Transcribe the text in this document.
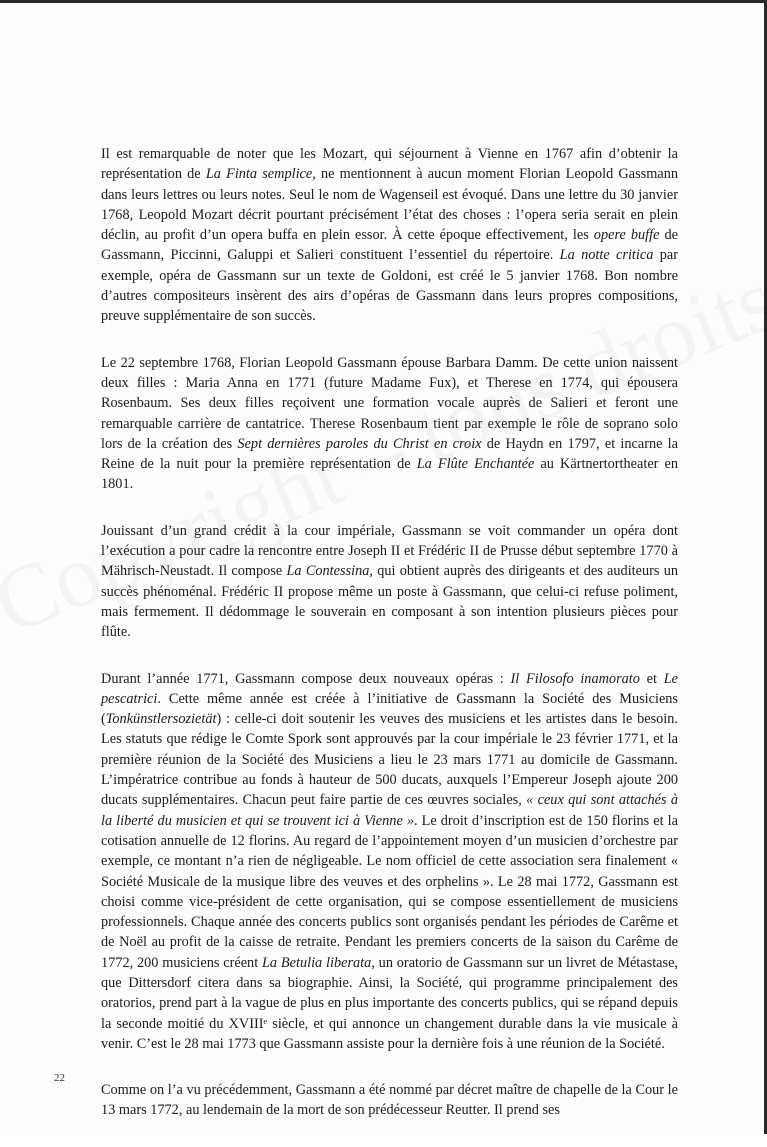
Il est remarquable de noter que les Mozart, qui séjournent à Vienne en 1767 afin d’obtenir la représentation de La Finta semplice, ne mentionnent à aucun moment Florian Leopold Gassmann dans leurs lettres ou leurs notes. Seul le nom de Wagenseil est évoqué. Dans une lettre du 30 janvier 1768, Leopold Mozart décrit pourtant précisément l’état des choses : l’opera seria serait en plein déclin, au profit d’un opera buffa en plein essor. À cette époque effectivement, les opere buffe de Gassmann, Piccinni, Galuppi et Salieri constituent l’essentiel du répertoire. La notte critica par exemple, opéra de Gassmann sur un texte de Goldoni, est créé le 5 janvier 1768. Bon nombre d’autres compositeurs insèrent des airs d’opéras de Gassmann dans leurs propres compositions, preuve supplémentaire de son succès.

Le 22 septembre 1768, Florian Leopold Gassmann épouse Barbara Damm. De cette union naissent deux filles : Maria Anna en 1771 (future Madame Fux), et Therese en 1774, qui épousera Rosenbaum. Ses deux filles reçoivent une formation vocale auprès de Salieri et feront une remarquable carrière de cantatrice. Therese Rosenbaum tient par exemple le rôle de soprano solo lors de la création des Sept dernières paroles du Christ en croix de Haydn en 1797, et incarne la Reine de la nuit pour la première représentation de La Flûte Enchantée au Kärtnertortheater en 1801.

Jouissant d’un grand crédit à la cour impériale, Gassmann se voit commander un opéra dont l’exécution a pour cadre la rencontre entre Joseph II et Frédéric II de Prusse début septembre 1770 à Mährisch-Neustadt. Il compose La Contessina, qui obtient auprès des dirigeants et des auditeurs un succès phénoménal. Frédéric II propose même un poste à Gassmann, que celui-ci refuse poliment, mais fermement. Il dédommage le souverain en composant à son intention plusieurs pièces pour flûte.

Durant l’année 1771, Gassmann compose deux nouveaux opéras : Il Filosofo inamorato et Le pescatrici. Cette même année est créée à l’initiative de Gassmann la Société des Musiciens (Tonkünstlersozietät) : celle-ci doit soutenir les veuves des musiciens et les artistes dans le besoin. Les statuts que rédige le Comte Spork sont approuvés par la cour impériale le 23 février 1771, et la première réunion de la Société des Musiciens a lieu le 23 mars 1771 au domicile de Gassmann. L’impératrice contribue au fonds à hauteur de 500 ducats, auxquels l’Empereur Joseph ajoute 200 ducats supplémentaires. Chacun peut faire partie de ces œuvres sociales, « ceux qui sont attachés à la liberté du musicien et qui se trouvent ici à Vienne ». Le droit d’inscription est de 150 florins et la cotisation annuelle de 12 florins. Au regard de l’appointement moyen d’un musicien d’orchestre par exemple, ce montant n’a rien de négligeable. Le nom officiel de cette association sera finalement « Société Musicale de la musique libre des veuves et des orphelins ». Le 28 mai 1772, Gassmann est choisi comme vice-président de cette organisation, qui se compose essentiellement de musiciens professionnels. Chaque année des concerts publics sont organisés pendant les périodes de Carême et de Noël au profit de la caisse de retraite. Pendant les premiers concerts de la saison du Carême de 1772, 200 musiciens créent La Betulia liberata, un oratorio de Gassmann sur un livret de Métastase, que Dittersdorf citera dans sa biographie. Ainsi, la Société, qui programme principalement des oratorios, prend part à la vague de plus en plus importante des concerts publics, qui se répand depuis la seconde moitié du XVIIIᵉ siècle, et qui annonce un changement durable dans la vie musicale à venir. C’est le 28 mai 1773 que Gassmann assiste pour la dernière fois à une réunion de la Société.

Comme on l’a vu précédemment, Gassmann a été nommé par décret maître de chapelle de la Cour le 13 mars 1772, au lendemain de la mort de son prédécesseur Reutter. Il prend ses

22
